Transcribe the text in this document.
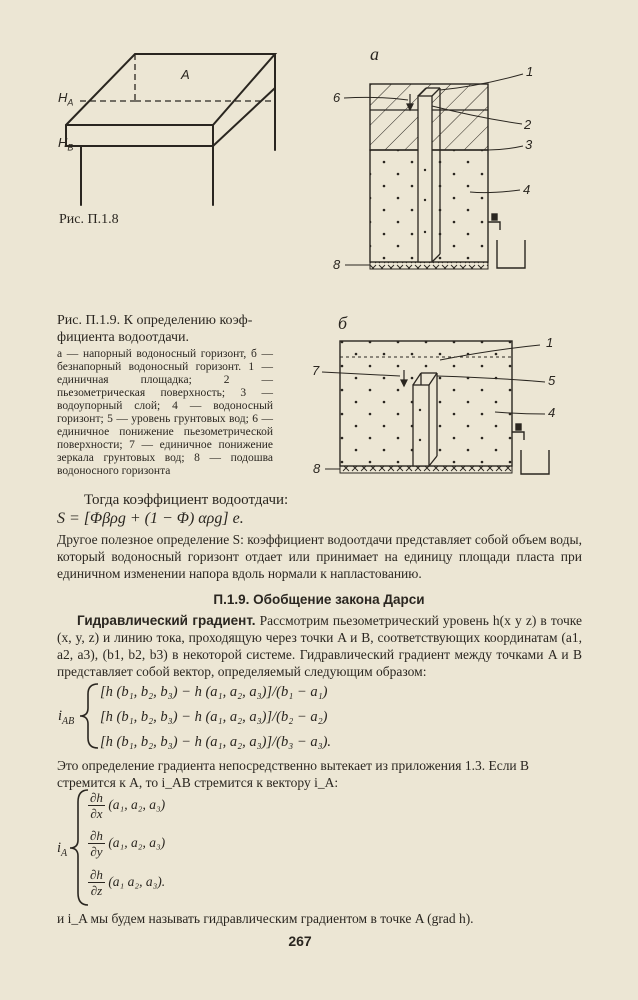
A
$H_A$
$H_B$
Рис. П.1.8
а
1
2
3
4
6
8
б
1
5
4
7
8
Рис. П.1.9. К определению коэф-
фициента водоотдачи.
а — напорный водоносный горизонт, б — безнапорный водоносный горизонт. 1 — единичная площадка; 2 — пьезометрическая поверхность; 3 — водоупорный слой; 4 — водоносный горизонт; 5 — уровень грунтовых вод; 6 — единичное понижение пьезометрической поверхности; 7 — единичное понижение зеркала грунтовых вод; 8 — подошва водоносного горизонта
Тогда коэффициент водоотдачи:
S = [Φβρg + (1 − Φ) αρg] e.
Другое полезное определение S: коэффициент водоотдачи представляет собой объем воды, который водоносный горизонт отдает или принимает на единицу площади пласта при единичном изменении напора вдоль нормали к напластованию.
П.1.9. Обобщение закона Дарси
Гидравлический градиент. Рассмотрим пьезометрический уровень h(x y z) в точке (x, y, z) и линию тока, проходящую через точки A и B, соответствующих координатам (a1, a2, a3), (b1, b2, b3) в некоторой системе. Гидравлический градиент между точками A и B представляет собой вектор, определяемый следующим образом:
$i_{AB}$
[h (b₁, b₂, b₃) − h (a₁, a₂, a₃)]/(b₁ − a₁)
[h (b₁, b₂, b₃) − h (a₁, a₂, a₃)]/(b₂ − a₂)
[h (b₁, b₂, b₃) − h (a₁, a₂, a₃)]/(b₃ − a₃).
Это определение градиента непосредственно вытекает из приложения 1.3. Если B
стремится к A, то i_AB стремится к вектору i_A:
$i_A$
$\frac{\partial h}{\partial x} (a_1$, a₂, a₃)
$\frac{\partial h}{\partial y} (a_1$, a₂, a₃)
$\frac{\partial h}{\partial z} (a_1$ a₂, a₃).
и i_A мы будем называть гидравлическим градиентом в точке A (grad h).
267
